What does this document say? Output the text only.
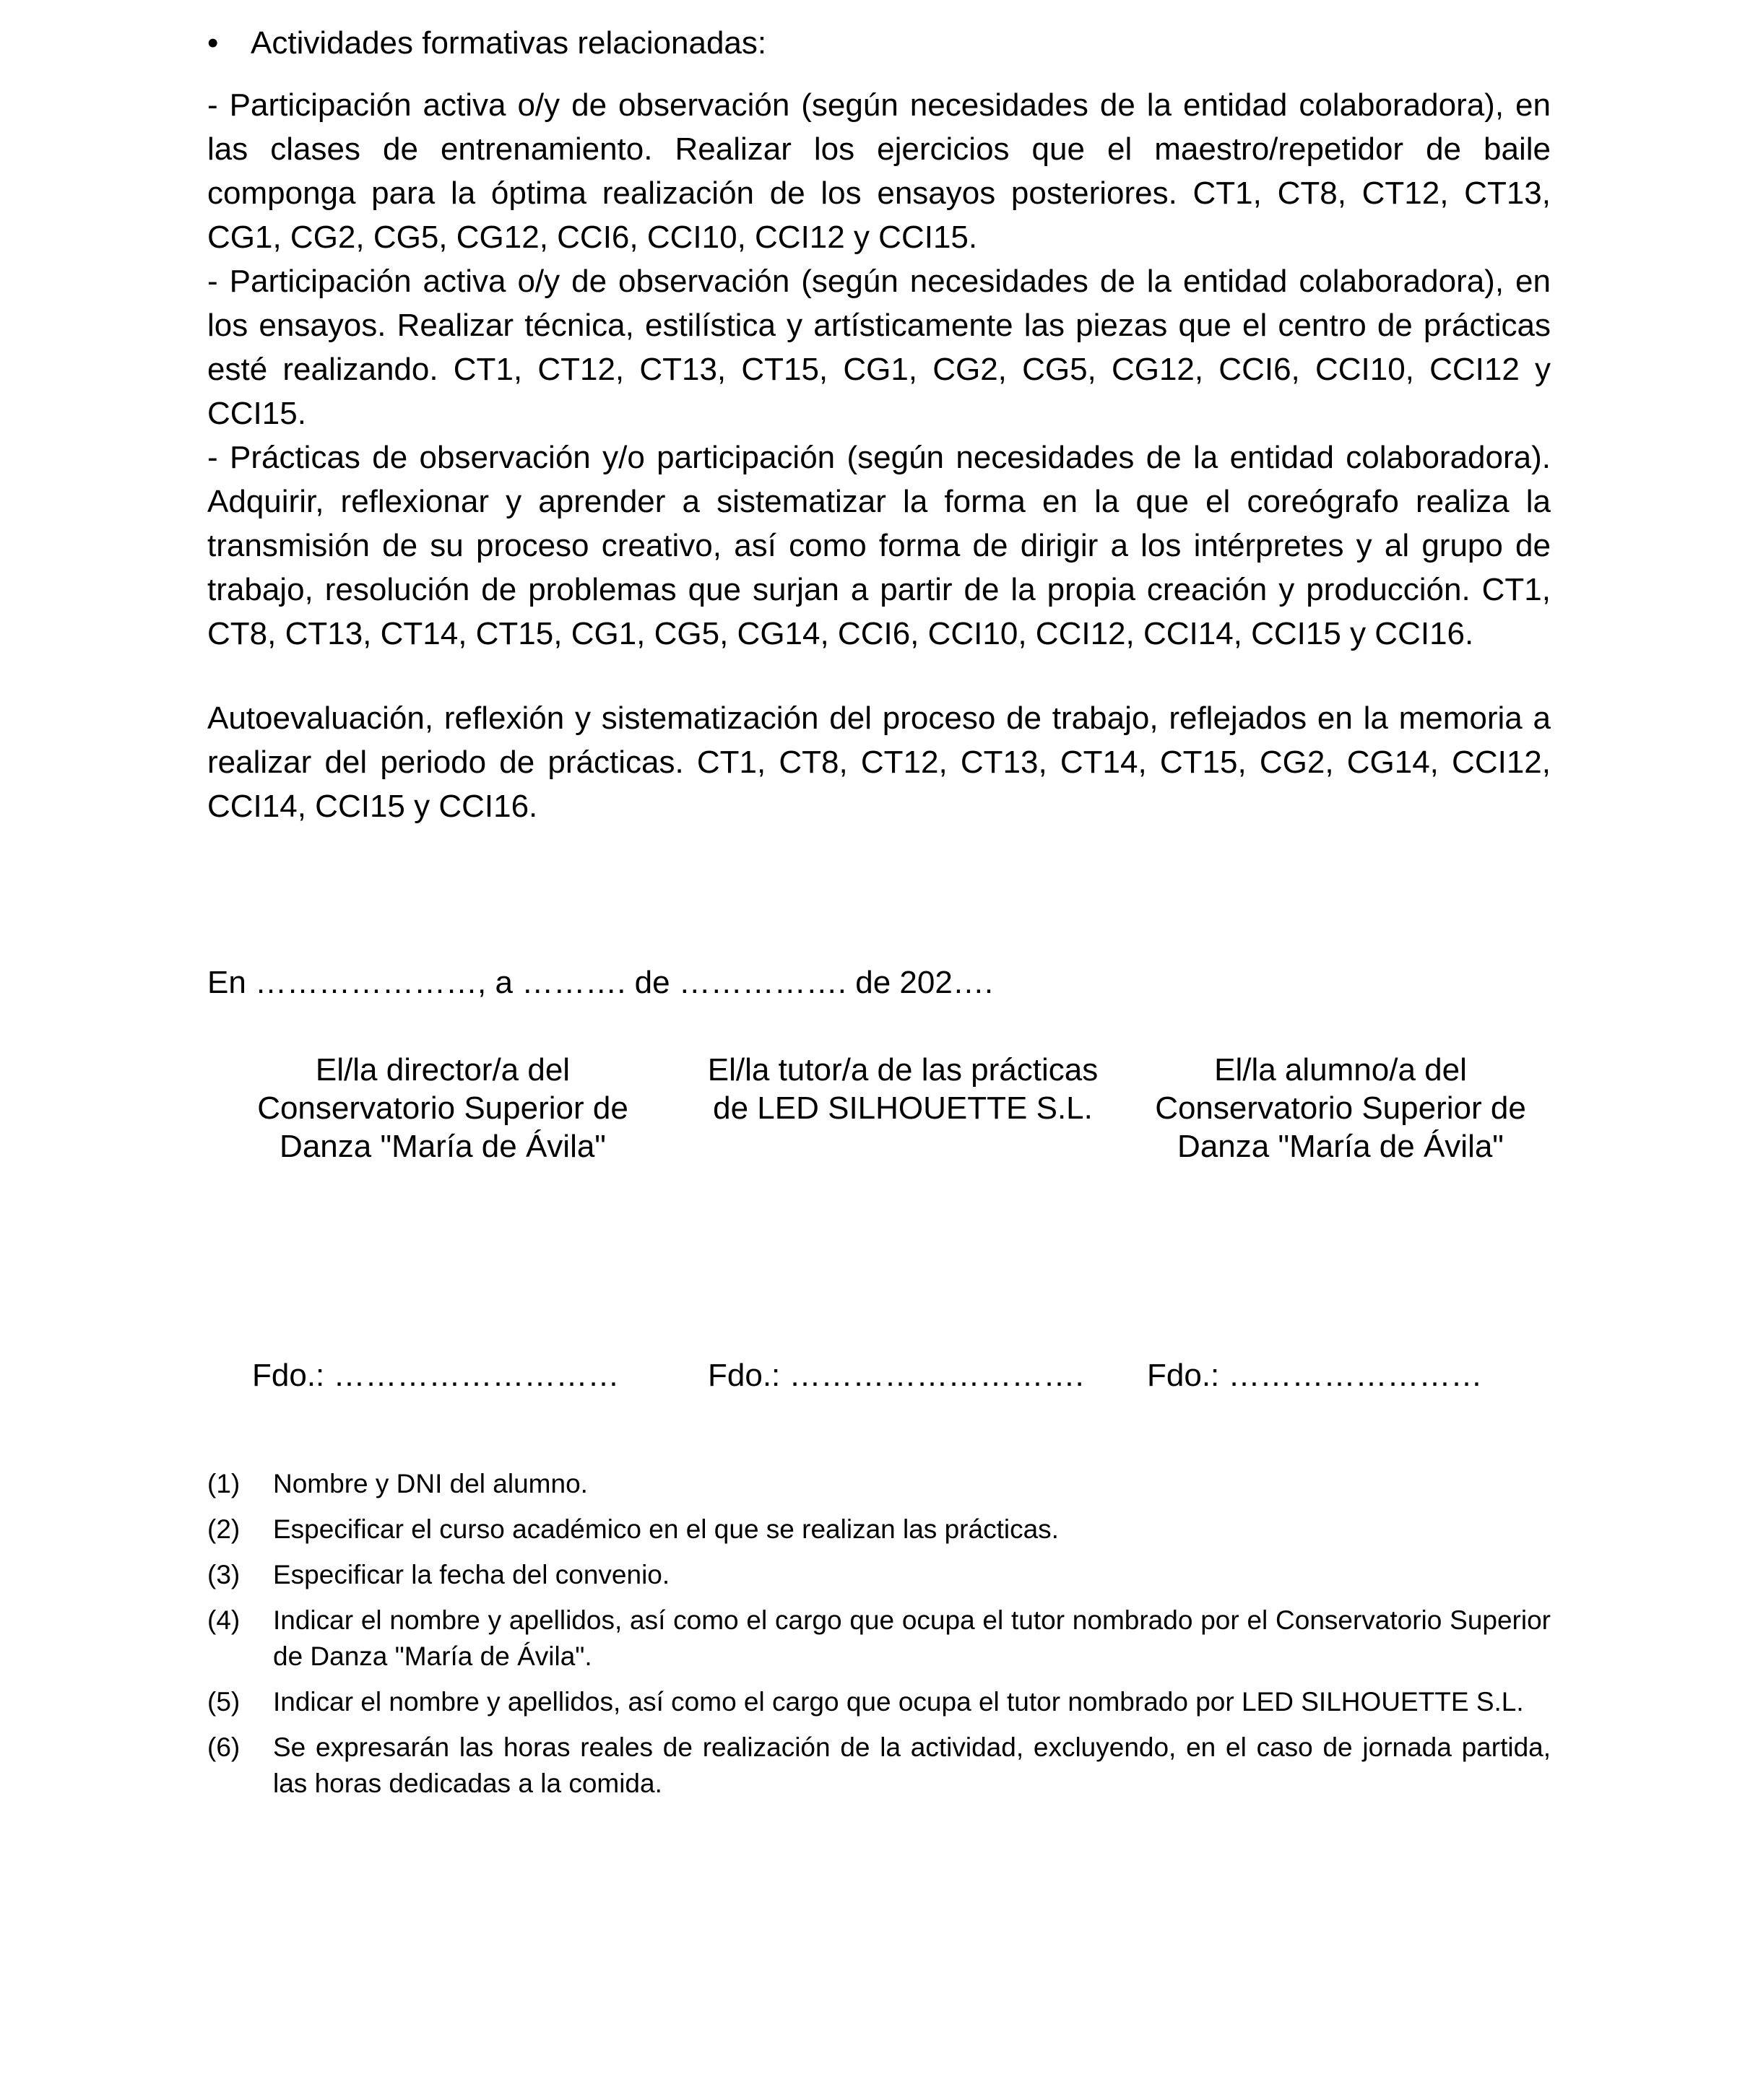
• Actividades formativas relacionadas:

- Participación activa o/y de observación (según necesidades de la entidad colaboradora), en las clases de entrenamiento. Realizar los ejercicios que el maestro/repetidor de baile componga para la óptima realización de los ensayos posteriores. CT1, CT8, CT12, CT13, CG1, CG2, CG5, CG12, CCI6, CCI10, CCI12 y CCI15.

- Participación activa o/y de observación (según necesidades de la entidad colaboradora), en los ensayos. Realizar técnica, estilística y artísticamente las piezas que el centro de prácticas esté realizando. CT1, CT12, CT13, CT15, CG1, CG2, CG5, CG12, CCI6, CCI10, CCI12 y CCI15.

- Prácticas de observación y/o participación (según necesidades de la entidad colaboradora). Adquirir, reflexionar y aprender a sistematizar la forma en la que el coreógrafo realiza la transmisión de su proceso creativo, así como forma de dirigir a los intérpretes y al grupo de trabajo, resolución de problemas que surjan a partir de la propia creación y producción. CT1, CT8, CT13, CT14, CT15, CG1, CG5, CG14, CCI6, CCI10, CCI12, CCI14, CCI15 y CCI16.

Autoevaluación, reflexión y sistematización del proceso de trabajo, reflejados en la memoria a realizar del periodo de prácticas. CT1, CT8, CT12, CT13, CT14, CT15, CG2, CG14, CCI12, CCI14, CCI15 y CCI16.

En …………………, a ………. de ……………. de 202….
El/la director/a del
Conservatorio Superior de
Danza "María de Ávila"
El/la tutor/a de las prácticas
de LED SILHOUETTE S.L.
El/la alumno/a del
Conservatorio Superior de
Danza "María de Ávila"
Fdo.: ………………………	Fdo.: ………………………. Fdo.: ……………………
(1) Nombre y DNI del alumno.
(2) Especificar el curso académico en el que se realizan las prácticas.
(3) Especificar la fecha del convenio.
(4) Indicar el nombre y apellidos, así como el cargo que ocupa el tutor nombrado por el Conservatorio Superior de Danza "María de Ávila".
(5) Indicar el nombre y apellidos, así como el cargo que ocupa el tutor nombrado por LED SILHOUETTE S.L.
(6) Se expresarán las horas reales de realización de la actividad, excluyendo, en el caso de jornada partida, las horas dedicadas a la comida.
